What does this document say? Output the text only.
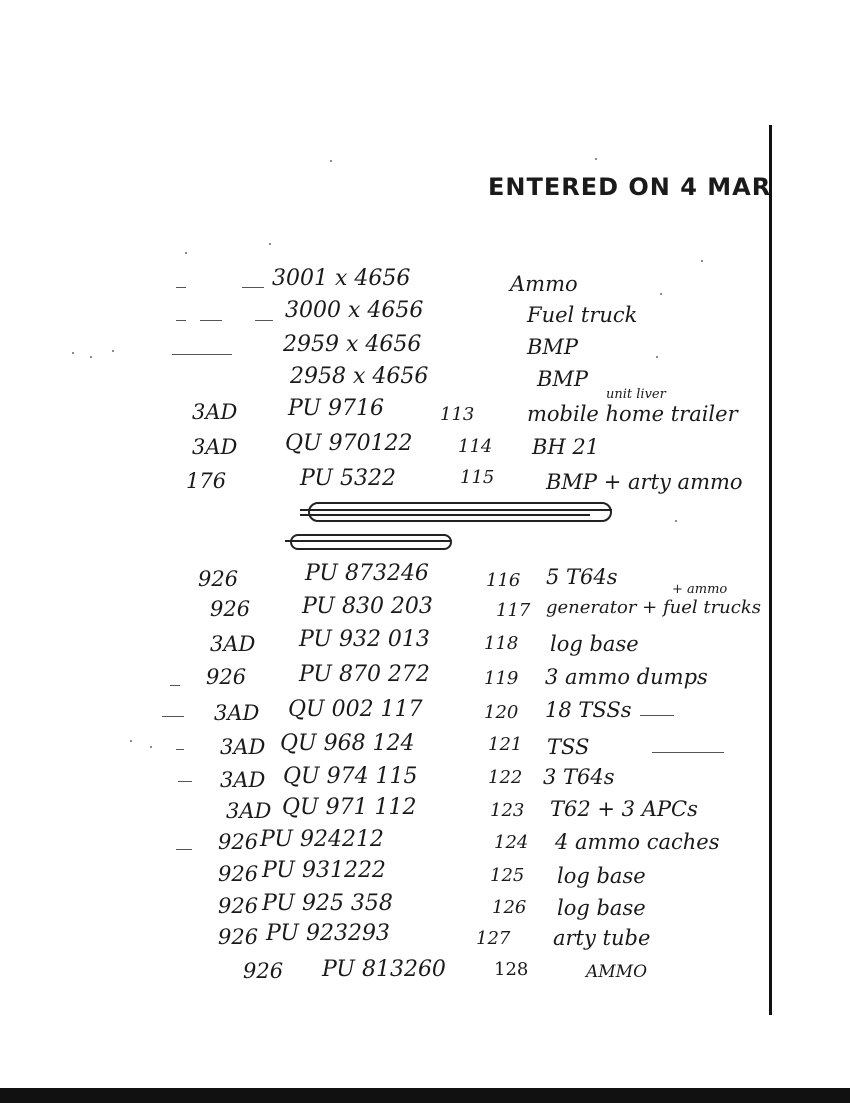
ENTERED ON 4 MAR
3001 x 4656	Ammo
3000 x 4656	Fuel truck
2959 x 4656	BMP
2958 x 4656	BMP
3AD PU 9716	113	mobile home trailer
unit liver
3AD QU 970122	114 BH 21
176	PU 5322	115 BMP + arty ammo
926	PU 873246	116 5 T64s
+ ammo
926 PU 830 203	117 generator + fuel trucks
3AD PU 932 013	118 log base
926 PU 870 272	119 3 ammo dumps
3AD QU 002 117	120 18 TSSs
3AD QU 968 124	121 TSS
3AD QU 974 115	122 3 T64s
3AD QU 971 112	123 T62 + 3 APCs
926 PU 924212	124 4 ammo caches
926 PU 931222	125 log base
926 PU 925 358	126 log base
926 PU 923293	127 arty tube
926 PU 813260	128	AMMO
